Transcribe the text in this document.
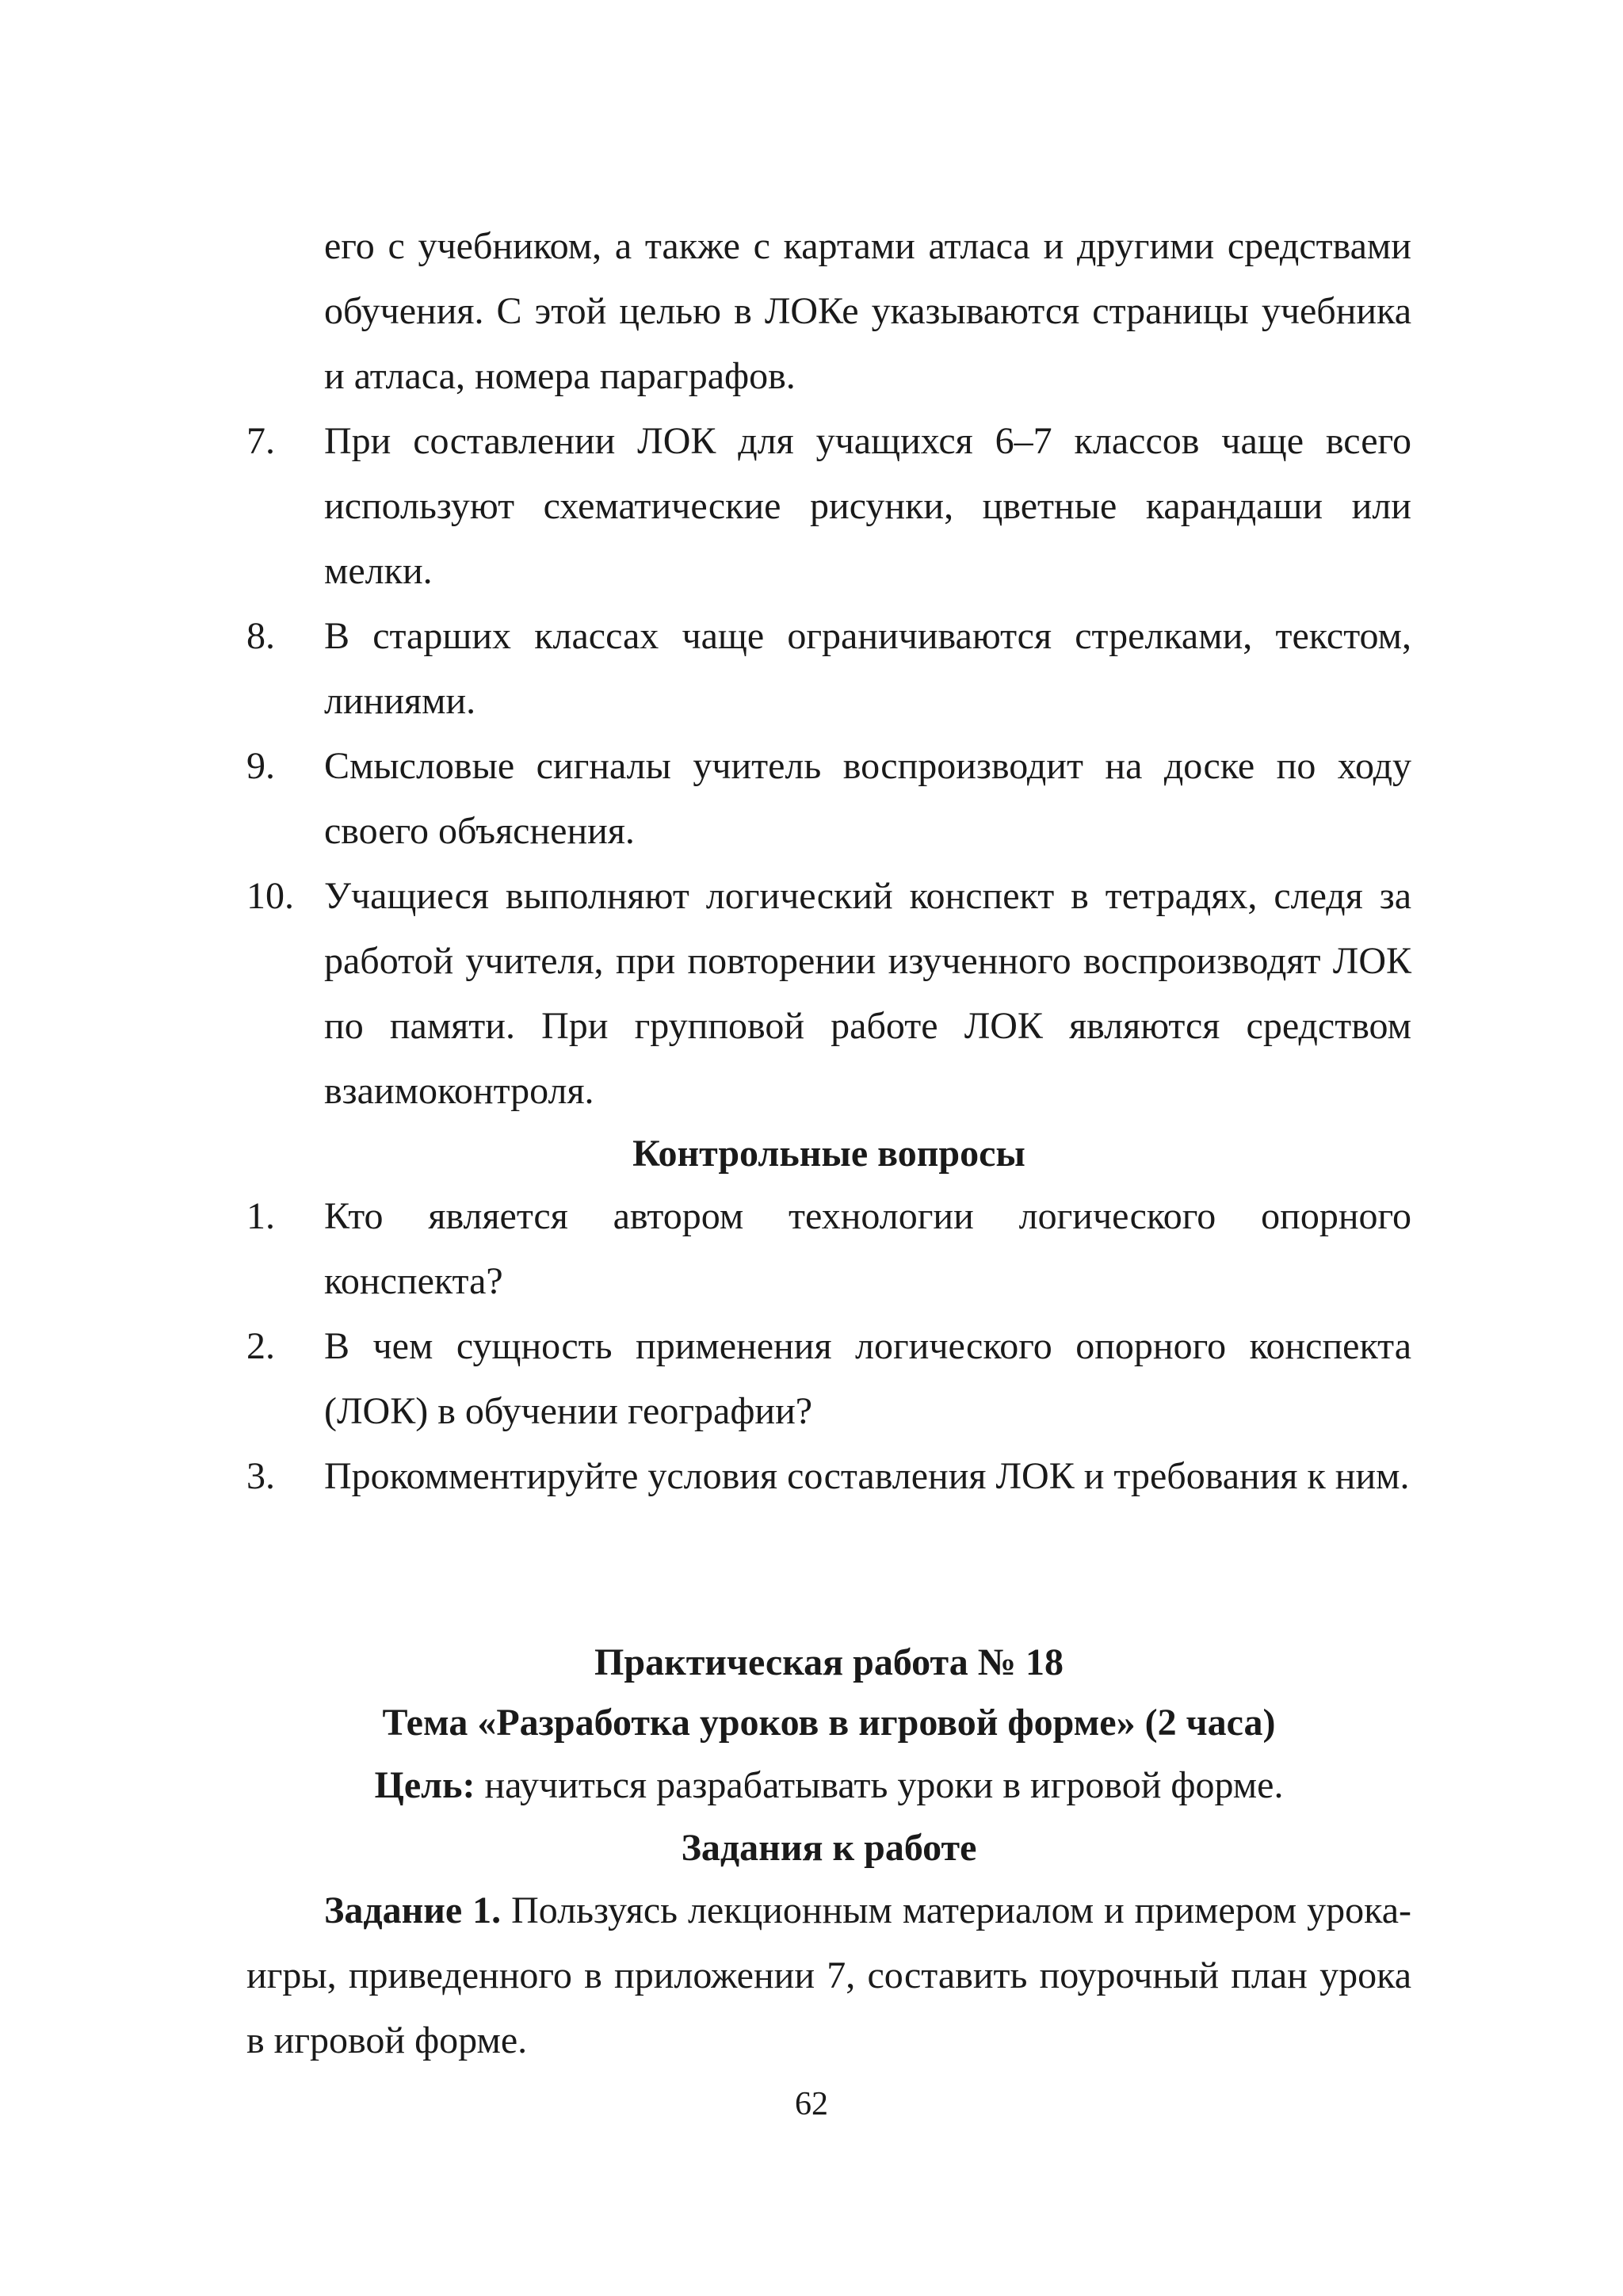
его с учебником, а также с картами атласа и другими средствами обучения. С этой целью в ЛОКе указываются страницы учебника и атласа, номера параграфов.

7. При составлении ЛОК для учащихся 6–7 классов чаще всего используют схематические рисунки, цветные карандаши или мелки.

8. В старших классах чаще ограничиваются стрелками, текстом, линиями.

9. Смысловые сигналы учитель воспроизводит на доске по ходу своего объяснения.

10. Учащиеся выполняют логический конспект в тетрадях, следя за работой учителя, при повторении изученного воспроизводят ЛОК по памяти. При групповой работе ЛОК являются средством взаимоконтроля.

Контрольные вопросы

1. Кто является автором технологии логического опорного конспекта?

2. В чем сущность применения логического опорного конспекта (ЛОК) в обучении географии?

3. Прокомментируйте условия составления ЛОК и требования к ним.

Практическая работа № 18

Тема «Разработка уроков в игровой форме» (2 часа)

Цель: научиться разрабатывать уроки в игровой форме.

Задания к работе

Задание 1. Пользуясь лекционным материалом и примером урока-игры, приведенного в приложении 7, составить поурочный план урока в игровой форме.

62
